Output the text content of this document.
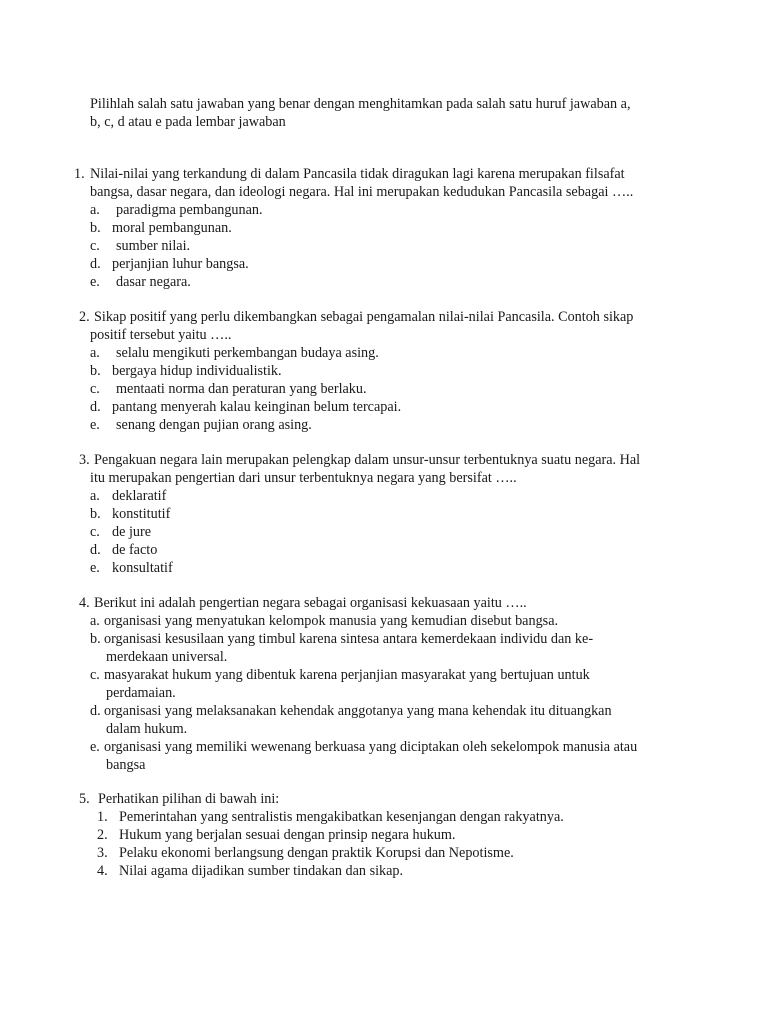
Pilihlah salah satu jawaban yang benar dengan menghitamkan pada salah satu huruf jawaban a,
b, c, d atau e pada lembar jawaban
1. Nilai-nilai yang terkandung di dalam Pancasila tidak diragukan lagi karena merupakan filsafat
bangsa, dasar negara, dan ideologi negara. Hal ini merupakan kedudukan Pancasila sebagai …..
a. paradigma pembangunan.
b. moral pembangunan.
c. sumber nilai.
d. perjanjian luhur bangsa.
e. dasar negara.
2. Sikap positif yang perlu dikembangkan sebagai pengamalan nilai-nilai Pancasila. Contoh sikap
positif tersebut yaitu …..
a. selalu mengikuti perkembangan budaya asing.
b. bergaya hidup individualistik.
c. mentaati norma dan peraturan yang berlaku.
d. pantang menyerah kalau keinginan belum tercapai.
e. senang dengan pujian orang asing.
3. Pengakuan negara lain merupakan pelengkap dalam unsur-unsur terbentuknya suatu negara. Hal
itu merupakan pengertian dari unsur terbentuknya negara yang bersifat …..
a. deklaratif
b. konstitutif
c. de jure
d. de facto
e. konsultatif
4. Berikut ini adalah pengertian negara sebagai organisasi kekuasaan yaitu …..
a. organisasi yang menyatukan kelompok manusia yang kemudian disebut bangsa.
b. organisasi kesusilaan yang timbul karena sintesa antara kemerdekaan individu dan ke-
merdekaan universal.
c. masyarakat hukum yang dibentuk karena perjanjian masyarakat yang bertujuan untuk
perdamaian.
d. organisasi yang melaksanakan kehendak anggotanya yang mana kehendak itu dituangkan
dalam hukum.
e. organisasi yang memiliki wewenang berkuasa yang diciptakan oleh sekelompok manusia atau
bangsa
5. Perhatikan pilihan di bawah ini:
1. Pemerintahan yang sentralistis mengakibatkan kesenjangan dengan rakyatnya.
2. Hukum yang berjalan sesuai dengan prinsip negara hukum.
3. Pelaku ekonomi berlangsung dengan praktik Korupsi dan Nepotisme.
4. Nilai agama dijadikan sumber tindakan dan sikap.
